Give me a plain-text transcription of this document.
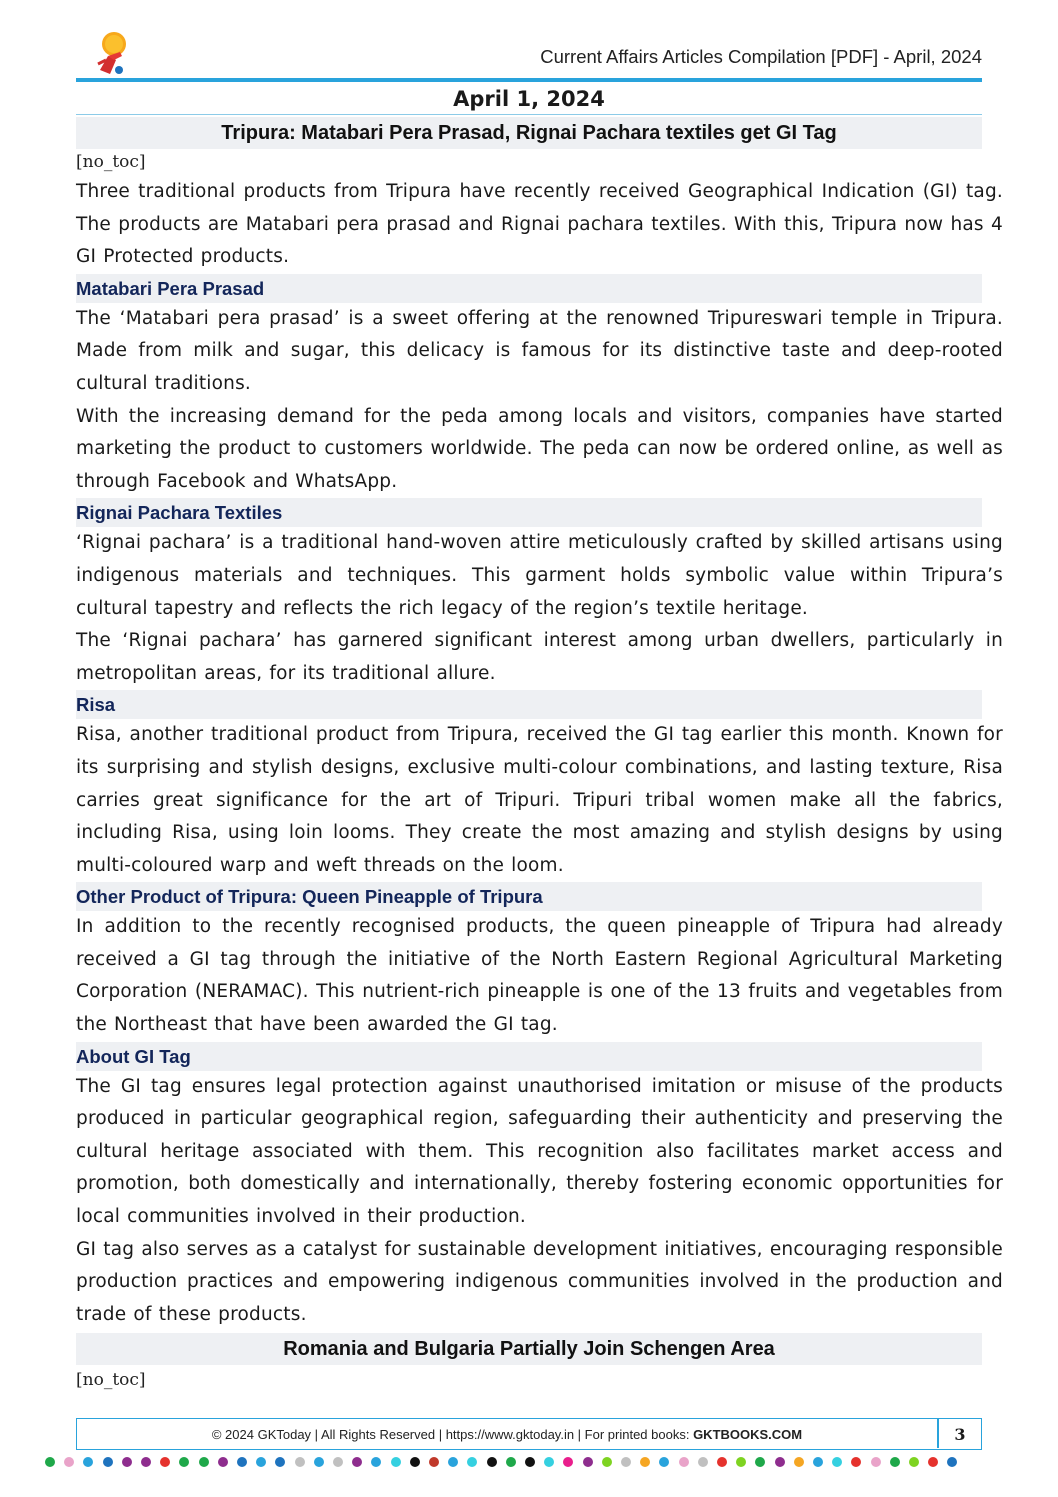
Current Affairs Articles Compilation [PDF] - April, 2024
April 1, 2024
Tripura: Matabari Pera Prasad, Rignai Pachara textiles get GI Tag
[no_toc]

Three traditional products from Tripura have recently received Geographical Indication (GI) tag. The products are Matabari pera prasad and Rignai pachara textiles. With this, Tripura now has 4 GI Protected products.

Matabari Pera Prasad

The ‘Matabari pera prasad’ is a sweet offering at the renowned Tripureswari temple in Tripura. Made from milk and sugar, this delicacy is famous for its distinctive taste and deep-rooted cultural traditions.

With the increasing demand for the peda among locals and visitors, companies have started marketing the product to customers worldwide. The peda can now be ordered online, as well as through Facebook and WhatsApp.

Rignai Pachara Textiles

‘Rignai pachara’ is a traditional hand-woven attire meticulously crafted by skilled artisans using indigenous materials and techniques. This garment holds symbolic value within Tripura’s cultural tapestry and reflects the rich legacy of the region’s textile heritage.

The ‘Rignai pachara’ has garnered significant interest among urban dwellers, particularly in metropolitan areas, for its traditional allure.

Risa

Risa, another traditional product from Tripura, received the GI tag earlier this month. Known for its surprising and stylish designs, exclusive multi-colour combinations, and lasting texture, Risa carries great significance for the art of Tripuri. Tripuri tribal women make all the fabrics, including Risa, using loin looms. They create the most amazing and stylish designs by using multi-coloured warp and weft threads on the loom.

Other Product of Tripura: Queen Pineapple of Tripura

In addition to the recently recognised products, the queen pineapple of Tripura had already received a GI tag through the initiative of the North Eastern Regional Agricultural Marketing Corporation (NERAMAC). This nutrient-rich pineapple is one of the 13 fruits and vegetables from the Northeast that have been awarded the GI tag.

About GI Tag

The GI tag ensures legal protection against unauthorised imitation or misuse of the products produced in particular geographical region, safeguarding their authenticity and preserving the cultural heritage associated with them. This recognition also facilitates market access and promotion, both domestically and internationally, thereby fostering economic opportunities for local communities involved in their production.

GI tag also serves as a catalyst for sustainable development initiatives, encouraging responsible production practices and empowering indigenous communities involved in the production and trade of these products.

Romania and Bulgaria Partially Join Schengen Area
[no_toc]
© 2024 GKToday | All Rights Reserved | https://www.gktoday.in | For printed books: GKTBOOKS.COM	3
